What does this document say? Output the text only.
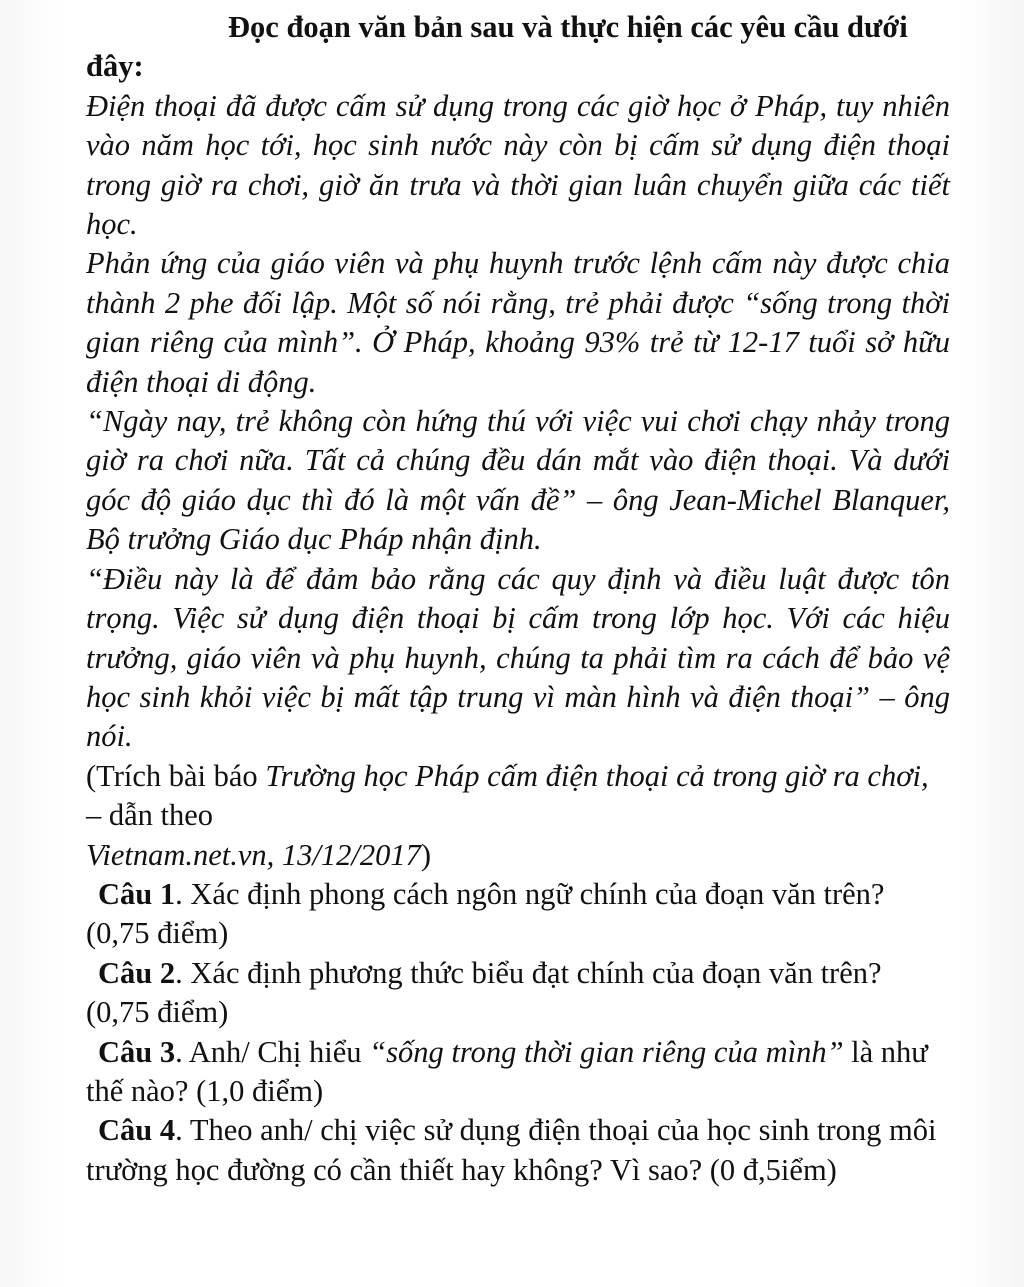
Đọc đoạn văn bản sau và thực hiện các yêu cầu dưới đây:

Điện thoại đã được cấm sử dụng trong các giờ học ở Pháp, tuy nhiên vào năm học tới, học sinh nước này còn bị cấm sử dụng điện thoại trong giờ ra chơi, giờ ăn trưa và thời gian luân chuyển giữa các tiết học.

Phản ứng của giáo viên và phụ huynh trước lệnh cấm này được chia thành 2 phe đối lập. Một số nói rằng, trẻ phải được “sống trong thời gian riêng của mình”. Ở Pháp, khoảng 93% trẻ từ 12-17 tuổi sở hữu điện thoại di động.

“Ngày nay, trẻ không còn hứng thú với việc vui chơi chạy nhảy trong giờ ra chơi nữa. Tất cả chúng đều dán mắt vào điện thoại. Và dưới góc độ giáo dục thì đó là một vấn đề” – ông Jean-Michel Blanquer, Bộ trưởng Giáo dục Pháp nhận định.

“Điều này là để đảm bảo rằng các quy định và điều luật được tôn trọng. Việc sử dụng điện thoại bị cấm trong lớp học. Với các hiệu trưởng, giáo viên và phụ huynh, chúng ta phải tìm ra cách để bảo vệ học sinh khỏi việc bị mất tập trung vì màn hình và điện thoại” – ông nói.

(Trích bài báo Trường học Pháp cấm điện thoại cả trong giờ ra chơi, – dẫn theo
Vietnam.net.vn, 13/12/2017)

Câu 1. Xác định phong cách ngôn ngữ chính của đoạn văn trên? (0,75 điểm)

Câu 2. Xác định phương thức biểu đạt chính của đoạn văn trên? (0,75 điểm)

Câu 3. Anh/ Chị hiểu “sống trong thời gian riêng của mình” là như thế nào? (1,0 điểm)

Câu 4. Theo anh/ chị việc sử dụng điện thoại của học sinh trong môi trường học đường có cần thiết hay không? Vì sao? (0 đ,5iểm)
